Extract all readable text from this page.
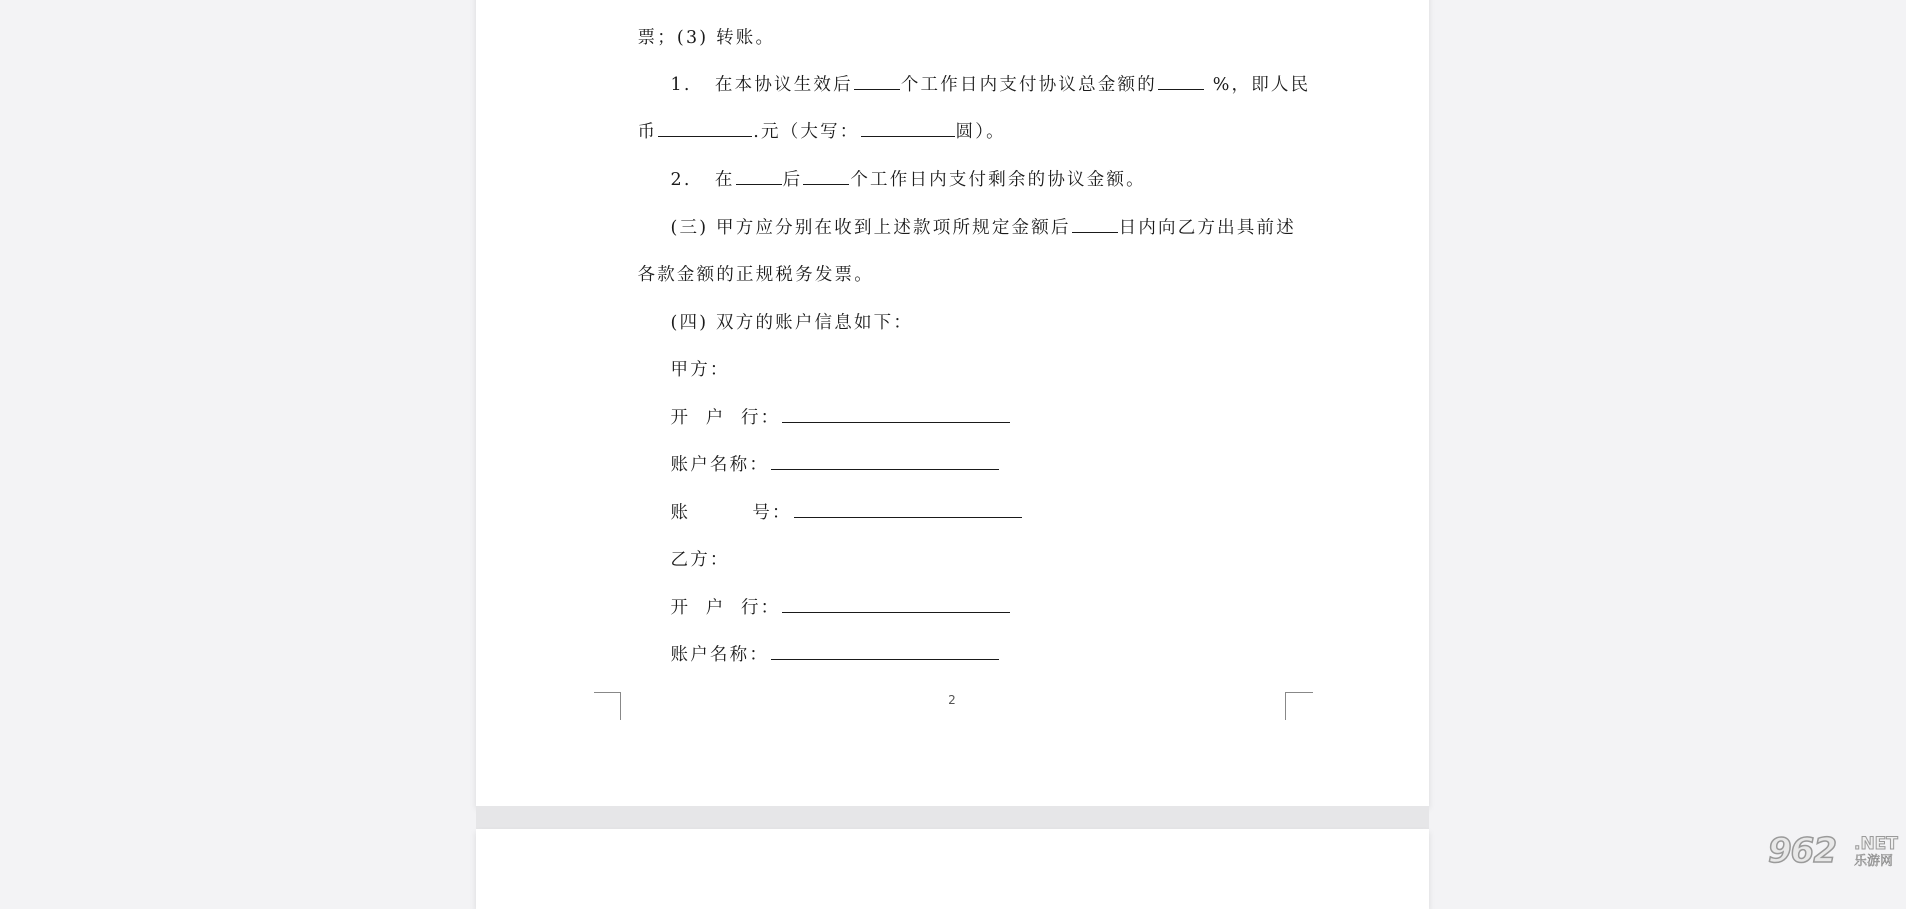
票；(3) 转账。

1.   在本协议生效后	个工作日内支付协议总金额的	%，即人民

币	.元（大写：	圆）。

2.   在	后	个工作日内支付剩余的协议金额。

(三) 甲方应分别在收到上述款项所规定金额后	日内向乙方出具前述

各款金额的正规税务发票。

(四) 双方的账户信息如下：

甲方：

开  户  行：

账户名称：

账        号：

乙方：

开  户  行：

账户名称：

2
962 .NET
乐游网
